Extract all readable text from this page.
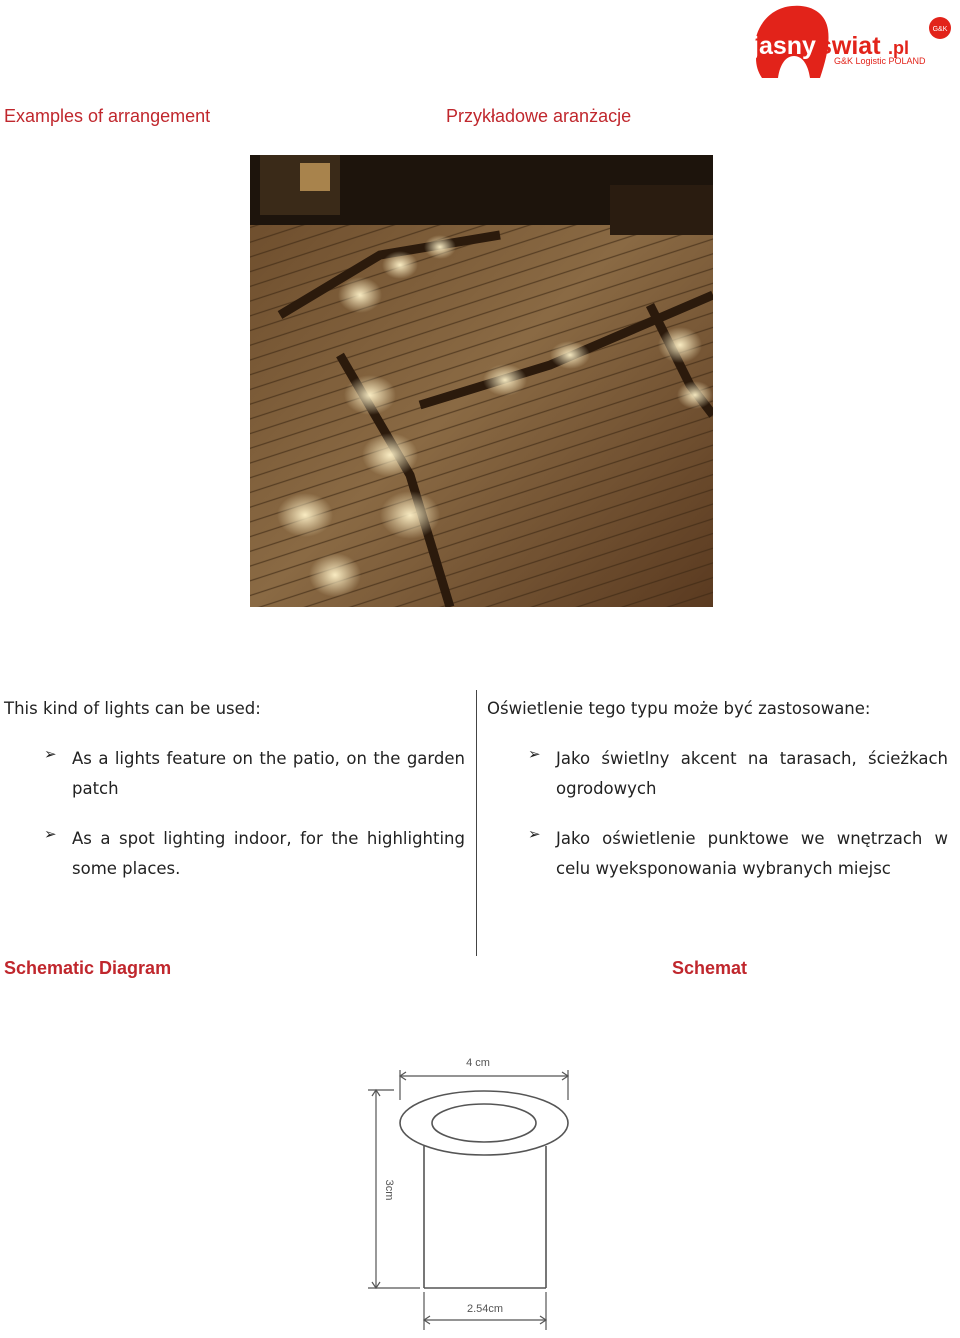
jasny swiat .pl
G&K
G&K Logistic POLAND
Examples of arrangement	Przykładowe aranżacje
This kind of lights can be used:
➢ As a lights feature on the patio, on the garden patch
➢ As a spot lighting indoor, for the highlighting some places.
Oświetlenie tego typu może być zastosowane:
➢ Jako świetlny akcent na tarasach, ścieżkach ogrodowych
➢ Jako oświetlenie punktowe we wnętrzach w celu wyeksponowania wybranych miejsc
Schematic Diagram	Schemat
4 cm
3cm
2.54cm
